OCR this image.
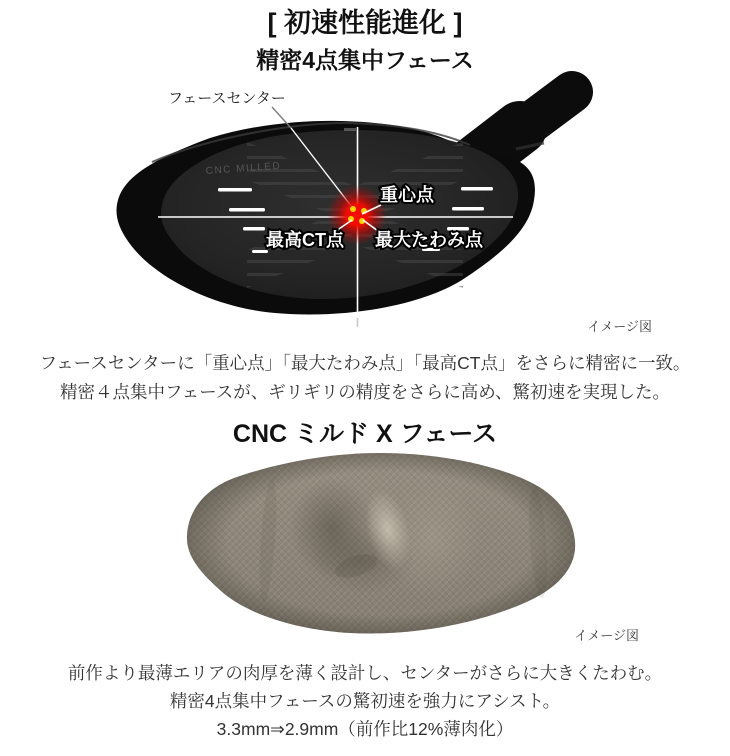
CNC MILLED
重心点
最高CT点 最大たわみ点
[ 初速性能進化 ]
精密4点集中フェース
フェースセンター
イメージ図
フェースセンターに「重心点」「最大たわみ点」「最高CT点」をさらに精密に一致。
精密４点集中フェースが、ギリギリの精度をさらに高め、驚初速を実現した。
CNC ミルド X フェース
イメージ図
前作より最薄エリアの肉厚を薄く設計し、センターがさらに大きくたわむ。
精密4点集中フェースの驚初速を強力にアシスト。
3.3mm⇒2.9mm（前作比12%薄肉化）
